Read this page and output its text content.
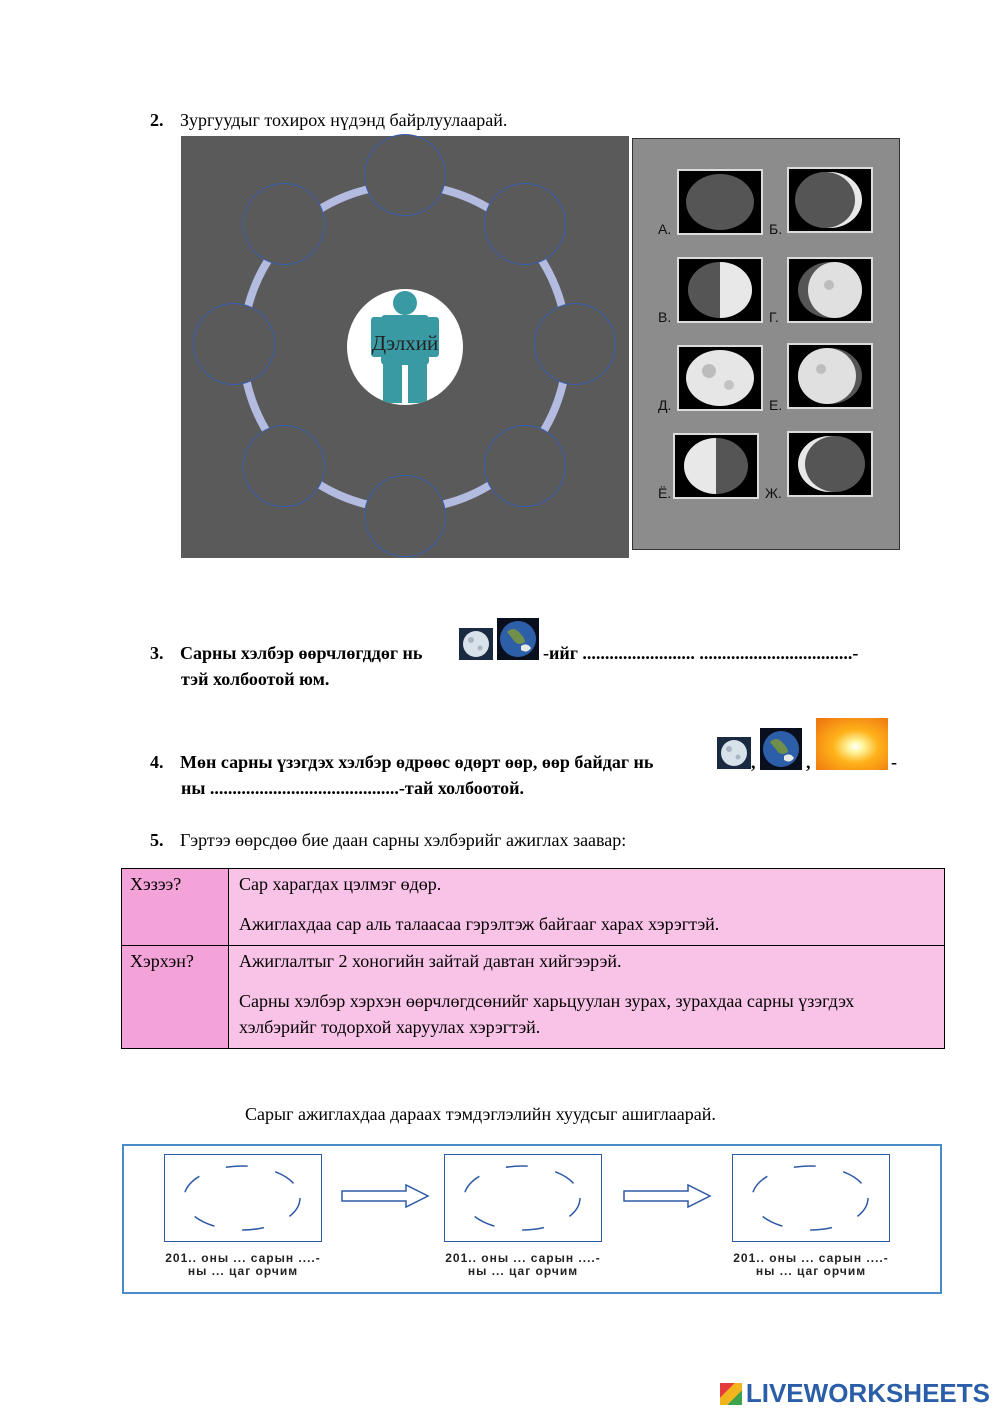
2. Зургуудыг тохирох нүдэнд байрлуулаарай.
Дэлхий
А.	Б.
В.	Г.
Д.	Е.
Ё.	Ж.
3. Сарны хэлбэр өөрчлөгддөг нь	-ийг ......................... ..................................-
тэй холбоотой юм.
4. Мөн сарны үзэгдэх хэлбэр өдрөөс өдөрт өөр, өөр байдаг нь	,	,	-
ны ..........................................-тай холбоотой.
5. Гэртээ өөрсдөө бие даан сарны хэлбэрийг ажиглах заавар:
Хэзээ?	Сар харагдах цэлмэг өдөр.

Ажиглахдаа сар аль талаасаа гэрэлтэж байгааг харах хэрэгтэй.

Хэрхэн?	Ажиглалтыг 2 хоногийн зайтай давтан хийгээрэй.

Сарны хэлбэр хэрхэн өөрчлөгдсөнийг харьцуулан зурах, зурахдаа сарны үзэгдэх хэлбэрийг тодорхой харуулах хэрэгтэй.

Сарыг ажиглахдаа дараах тэмдэглэлийн хуудсыг ашиглаарай.
201.. оны ... сарын ....-
ны ... цаг орчим
201.. оны ... сарын ....-
ны ... цаг орчим
201.. оны ... сарын ....-
ны ... цаг орчим
LIVEWORKSHEETS
